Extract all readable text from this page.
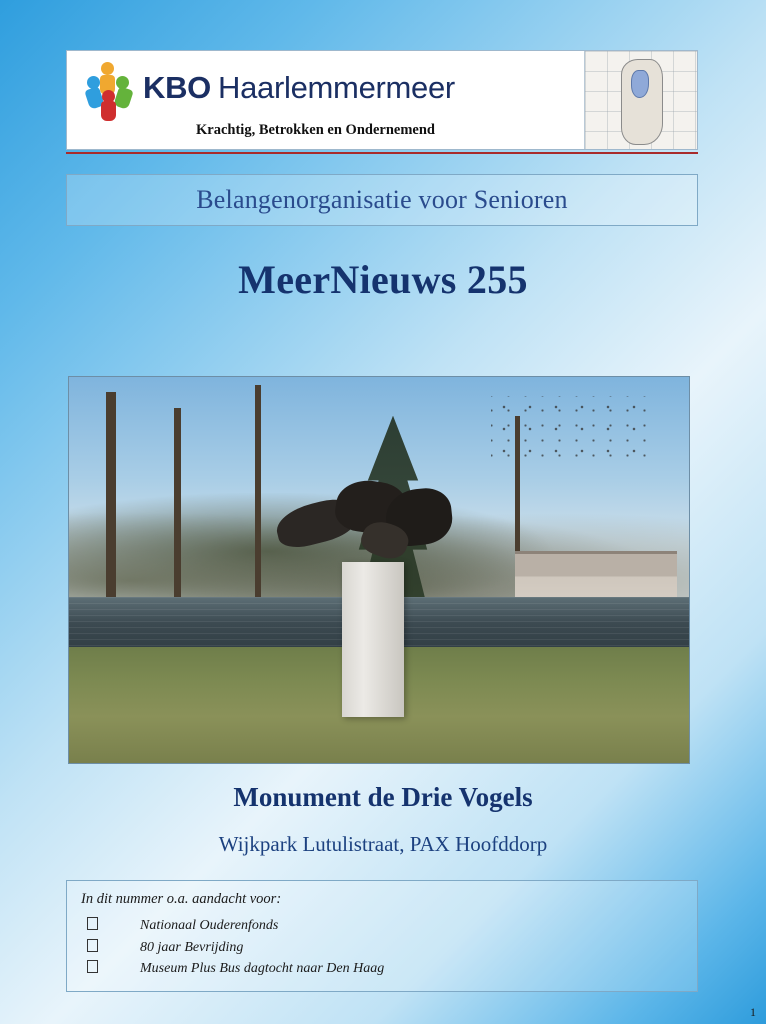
KBO Haarlemmermeer
Krachtig, Betrokken en Ondernemend
Belangenorganisatie voor Senioren
MeerNieuws 255
Monument de Drie Vogels
Wijkpark Lutulistraat, PAX Hoofddorp
In dit nummer o.a. aandacht voor:
Nationaal Ouderenfonds
80 jaar Bevrijding
Museum Plus Bus dagtocht naar Den Haag
1
